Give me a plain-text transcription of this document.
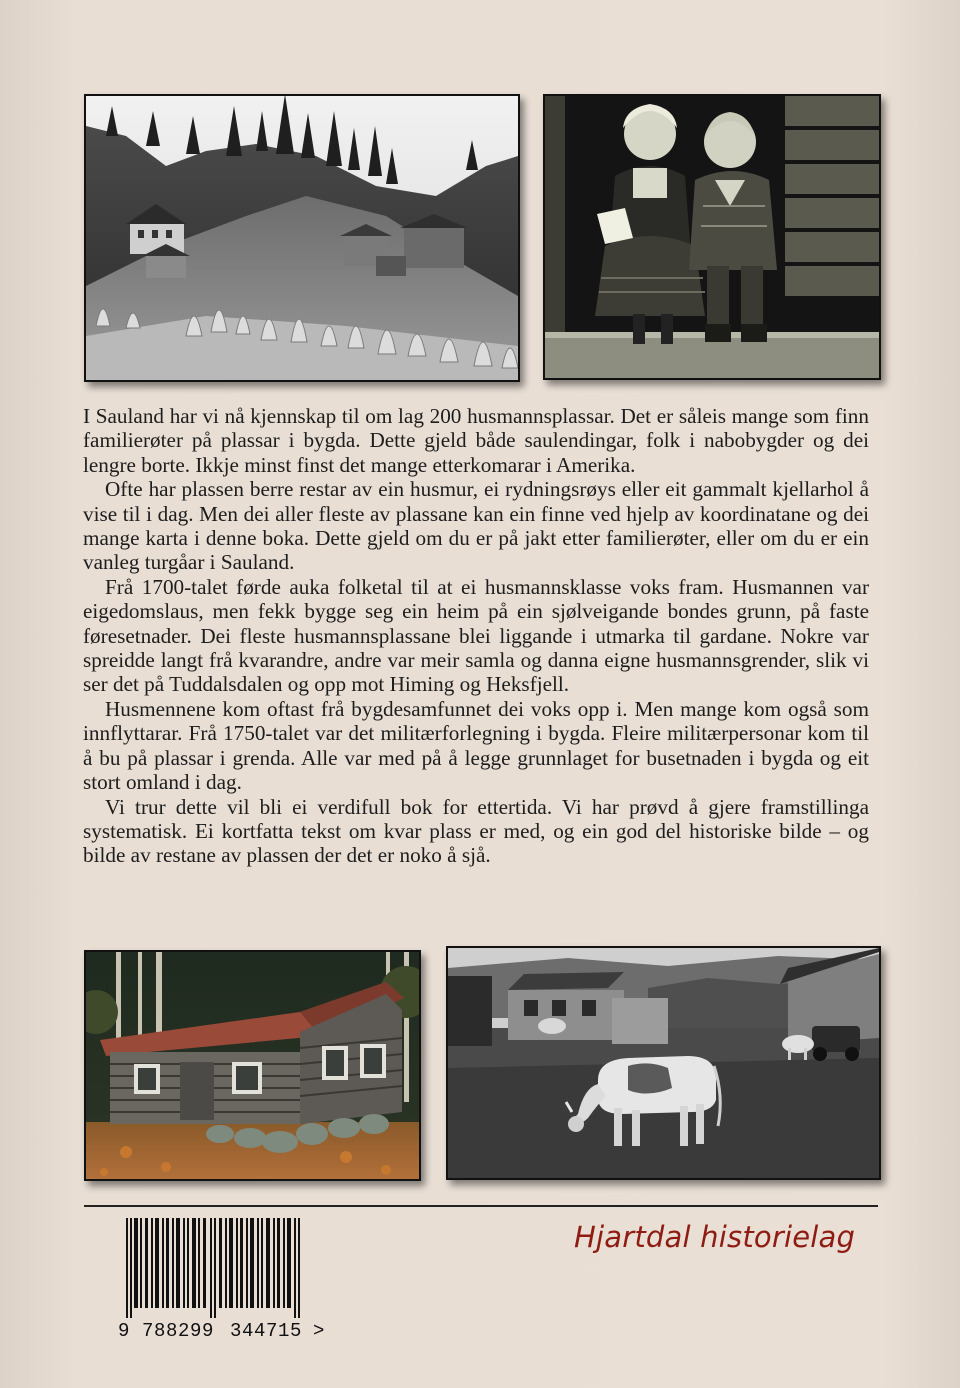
I Sauland har vi nå kjennskap til om lag 200 husmannsplassar. Det er såleis mange som finn familierøter på plassar i bygda. Dette gjeld både saulendingar, folk i nabobygder og dei lengre borte. Ikkje minst finst det mange etterkomarar i Amerika.

Ofte har plassen berre restar av ein husmur, ei rydningsrøys eller eit gammalt kjellarhol å vise til i dag. Men dei aller fleste av plassane kan ein finne ved hjelp av koordinatane og dei mange karta i denne boka. Dette gjeld om du er på jakt etter familierøter, eller om du er ein vanleg turgåar i Sauland.

Frå 1700-talet førde auka folketal til at ei husmannsklasse voks fram. Husmannen var eigedomslaus, men fekk bygge seg ein heim på ein sjølveigande bondes grunn, på faste føresetnader. Dei fleste husmannsplassane blei liggande i utmarka til gardane. Nokre var spreidde langt frå kvarandre, andre var meir samla og danna eigne husmannsgrender, slik vi ser det på Tuddalsdalen og opp mot Himing og Heksfjell.

Husmennene kom oftast frå bygdesamfunnet dei voks opp i. Men mange kom også som innflyttarar. Frå 1750-talet var det militærforlegning i bygda. Fleire militærpersonar kom til å bu på plassar i grenda. Alle var med på å legge grunnlaget for busetnaden i bygda og eit stort omland i dag.

Vi trur dette vil bli ei verdifull bok for ettertida. Vi har prøvd å gjere framstillinga systematisk. Ei kortfatta tekst om kvar plass er med, og ein god del historiske bilde – og bilde av restane av plassen der det er noko å sjå.

9 788299 344715 >
Hjartdal historielag
